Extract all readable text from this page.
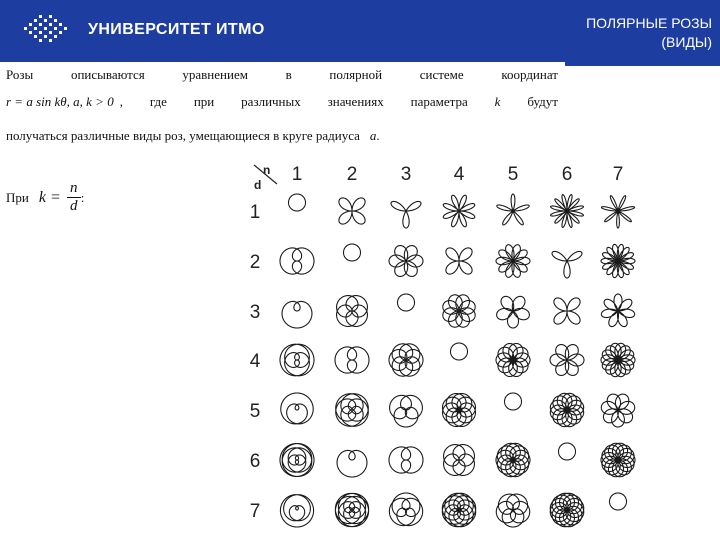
УНИВЕРСИТЕТ ИТМО	ПОЛЯРНЫЕ РОЗЫ
(ВИДЫ)
Розы	описываются	уравнением	в	полярной	системе	координат
r = a sin kθ, a, k > 0 , где при различных значениях параметра k будут
получаться различные виды роз, умещающиеся в круге радиуса a.
При k =
n
d
:
n
d 1 2 3 4 5 6 7
1
2
3
4
5
6
7
